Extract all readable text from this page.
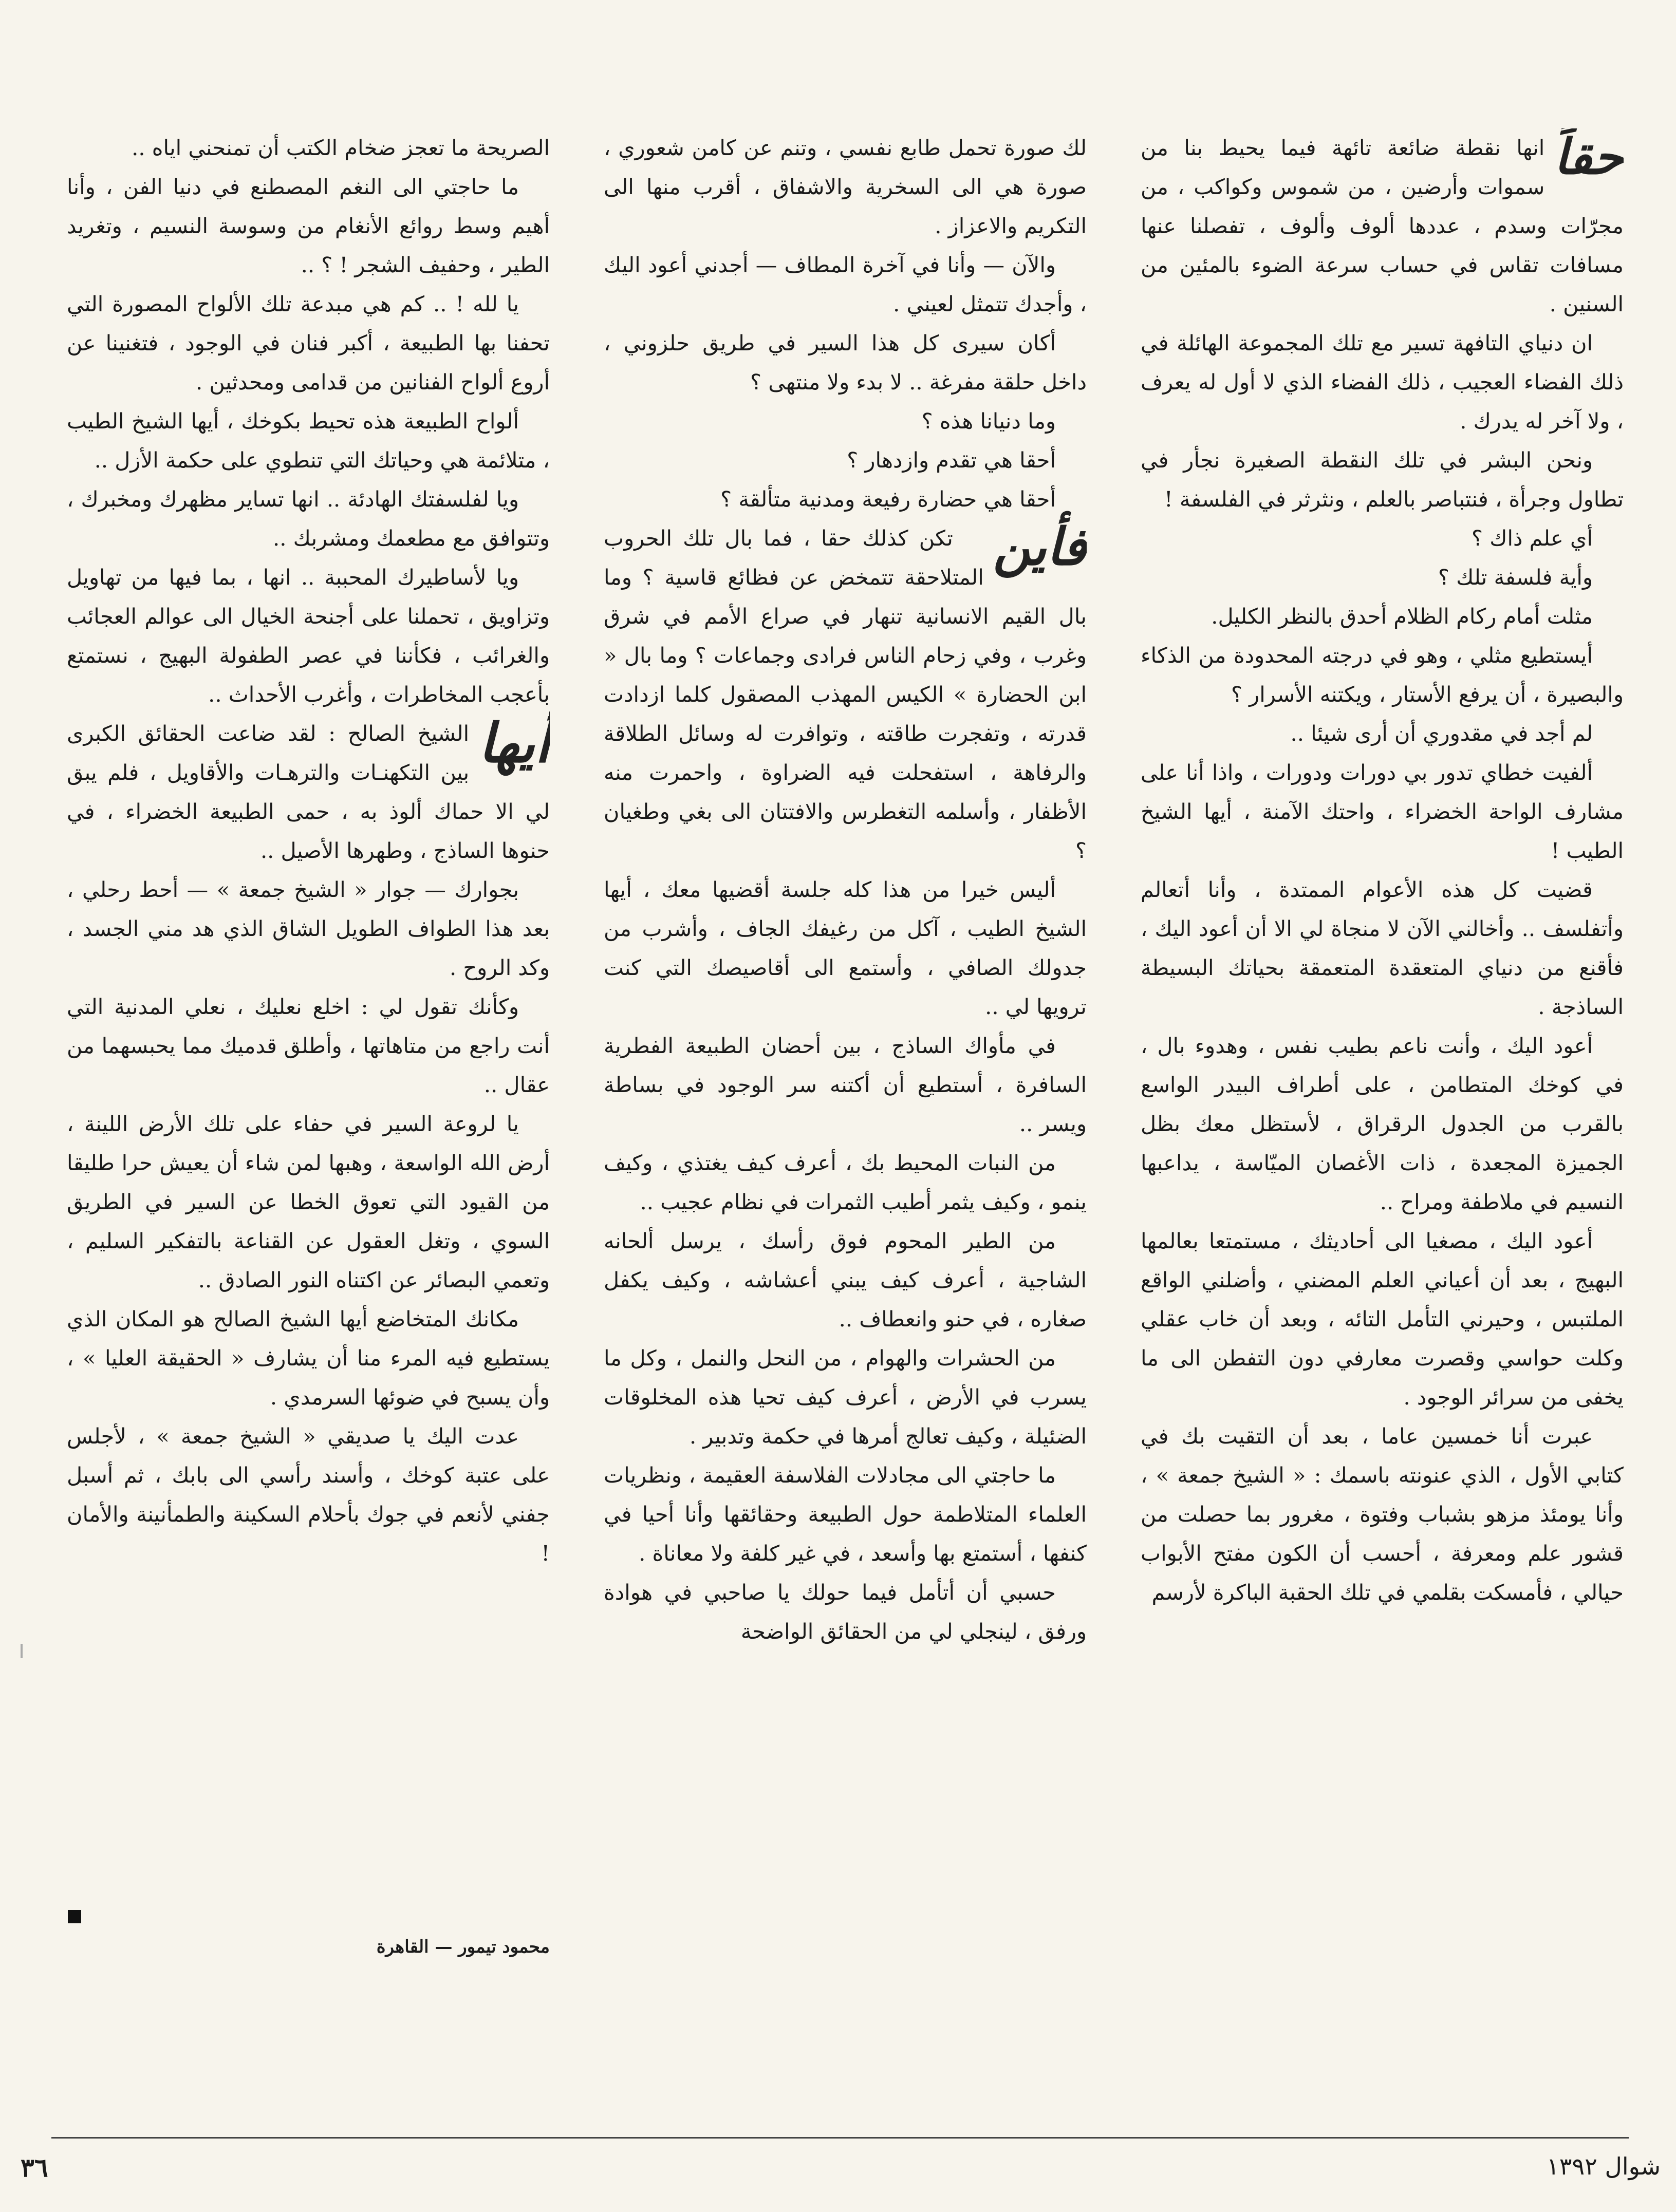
حقاً

انها نقطة ضائعة تائهة فيما يحيط بنا من سموات وأرضين ، من شموس وكواكب ، من مجرّات وسدم ، عددها ألوف وألوف ، تفصلنا عنها مسافات تقاس في حساب سرعة الضوء بالمئين من السنين .

ان دنياي التافهة تسير مع تلك المجموعة الهائلة في ذلك الفضاء العجيب ، ذلك الفضاء الذي لا أول له يعرف ، ولا آخر له يدرك .

ونحن البشر في تلك النقطة الصغيرة نجأر في تطاول وجرأة ، فنتباصر بالعلم ، ونثرثر في الفلسفة !

أي علم ذاك ؟

وأية فلسفة تلك ؟

مثلت أمام ركام الظلام أحدق بالنظر الكليل.

أيستطيع مثلي ، وهو في درجته المحدودة من الذكاء والبصيرة ، أن يرفع الأستار ، ويكتنه الأسرار ؟

لم أجد في مقدوري أن أرى شيئا ..

ألفيت خطاي تدور بي دورات ودورات ، واذا أنا على مشارف الواحة الخضراء ، واحتك الآمنة ، أيها الشيخ الطيب !

قضيت كل هذه الأعوام الممتدة ، وأنا أتعالم وأتفلسف .. وأخالني الآن لا منجاة لي الا أن أعود اليك ، فأقنع من دنياي المتعقدة المتعمقة بحياتك البسيطة الساذجة .

أعود اليك ، وأنت ناعم بطيب نفس ، وهدوء بال ، في كوخك المتطامن ، على أطراف البيدر الواسع بالقرب من الجدول الرقراق ، لأستظل معك بظل الجميزة المجعدة ، ذات الأغصان الميّاسة ، يداعبها النسيم في ملاطفة ومراح ..

أعود اليك ، مصغيا الى أحاديثك ، مستمتعا بعالمها البهيج ، بعد أن أعياني العلم المضني ، وأضلني الواقع الملتبس ، وحيرني التأمل التائه ، وبعد أن خاب عقلي وكلت حواسي وقصرت معارفي دون التفطن الى ما يخفى من سرائر الوجود .

عبرت أنا خمسين عاما ، بعد أن التقيت بك في كتابي الأول ، الذي عنونته باسمك : « الشيخ جمعة » ، وأنا يومئذ مزهو بشباب وفتوة ، مغرور بما حصلت من قشور علم ومعرفة ، أحسب أن الكون مفتح الأبواب حيالي ، فأمسكت بقلمي في تلك الحقبة الباكرة لأرسم

لك صورة تحمل طابع نفسي ، وتنم عن كامن شعوري ، صورة هي الى السخرية والاشفاق ، أقرب منها الى التكريم والاعزاز .

والآن — وأنا في آخرة المطاف — أجدني أعود اليك ، وأجدك تتمثل لعيني .

أكان سيرى كل هذا السير في طريق حلزوني ، داخل حلقة مفرغة .. لا بدء ولا منتهى ؟

وما دنيانا هذه ؟

أحقا هي تقدم وازدهار ؟

أحقا هي حضارة رفيعة ومدنية متألقة ؟

فأين

تكن كذلك حقا ، فما بال تلك الحروب المتلاحقة تتمخض عن فظائع قاسية ؟ وما بال القيم الانسانية تنهار في صراع الأمم في شرق وغرب ، وفي زحام الناس فرادى وجماعات ؟ وما بال « ابن الحضارة » الكيس المهذب المصقول كلما ازدادت قدرته ، وتفجرت طاقته ، وتوافرت له وسائل الطلاقة والرفاهة ، استفحلت فيه الضراوة ، واحمرت منه الأظفار ، وأسلمه التغطرس والافتتان الى بغي وطغيان ؟

أليس خيرا من هذا كله جلسة أقضيها معك ، أيها الشيخ الطيب ، آكل من رغيفك الجاف ، وأشرب من جدولك الصافي ، وأستمع الى أقاصيصك التي كنت ترويها لي ..

في مأواك الساذج ، بين أحضان الطبيعة الفطرية السافرة ، أستطيع أن أكتنه سر الوجود في بساطة ويسر ..

من النبات المحيط بك ، أعرف كيف يغتذي ، وكيف ينمو ، وكيف يثمر أطيب الثمرات في نظام عجيب ..

من الطير المحوم فوق رأسك ، يرسل ألحانه الشاجية ، أعرف كيف يبني أعشاشه ، وكيف يكفل صغاره ، في حنو وانعطاف ..

من الحشرات والهوام ، من النحل والنمل ، وكل ما يسرب في الأرض ، أعرف كيف تحيا هذه المخلوقات الضئيلة ، وكيف تعالج أمرها في حكمة وتدبير .

ما حاجتي الى مجادلات الفلاسفة العقيمة ، ونظريات العلماء المتلاطمة حول الطبيعة وحقائقها وأنا أحيا في كنفها ، أستمتع بها وأسعد ، في غير كلفة ولا معاناة .

حسبي أن أتأمل فيما حولك يا صاحبي في هوادة ورفق ، لينجلي لي من الحقائق الواضحة

الصريحة ما تعجز ضخام الكتب أن تمنحني اياه ..

ما حاجتي الى النغم المصطنع في دنيا الفن ، وأنا أهيم وسط روائع الأنغام من وسوسة النسيم ، وتغريد الطير ، وحفيف الشجر ! ؟ ..

يا لله ! .. كم هي مبدعة تلك الألواح المصورة التي تحفنا بها الطبيعة ، أكبر فنان في الوجود ، فتغنينا عن أروع ألواح الفنانين من قدامى ومحدثين .

ألواح الطبيعة هذه تحيط بكوخك ، أيها الشيخ الطيب ، متلائمة هي وحياتك التي تنطوي على حكمة الأزل ..

ويا لفلسفتك الهادئة .. انها تساير مظهرك ومخبرك ، وتتوافق مع مطعمك ومشربك ..

ويا لأساطيرك المحببة .. انها ، بما فيها من تهاويل وتزاويق ، تحملنا على أجنحة الخيال الى عوالم العجائب والغرائب ، فكأننا في عصر الطفولة البهيج ، نستمتع بأعجب المخاطرات ، وأغرب الأحداث ..

أيها

الشيخ الصالح : لقد ضاعت الحقائق الكبرى بين التكهنـات والترهـات والأقاويل ، فلم يبق لي الا حماك ألوذ به ، حمى الطبيعة الخضراء ، في حنوها الساذج ، وطهرها الأصيل ..

بجوارك — جوار « الشيخ جمعة » — أحط رحلي ، بعد هذا الطواف الطويل الشاق الذي هد مني الجسد ، وكد الروح .

وكأنك تقول لي : اخلع نعليك ، نعلي المدنية التي أنت راجع من متاهاتها ، وأطلق قدميك مما يحبسهما من عقال ..

يا لروعة السير في حفاء على تلك الأرض اللينة ، أرض الله الواسعة ، وهبها لمن شاء أن يعيش حرا طليقا من القيود التي تعوق الخطا عن السير في الطريق السوي ، وتغل العقول عن القناعة بالتفكير السليم ، وتعمي البصائر عن اكتناه النور الصادق ..

مكانك المتخاضع أيها الشيخ الصالح هو المكان الذي يستطيع فيه المرء منا أن يشارف « الحقيقة العليا » ، وأن يسبح في ضوئها السرمدي .

عدت اليك يا صديقي « الشيخ جمعة » ، لأجلس على عتبة كوخك ، وأسند رأسي الى بابك ، ثم أسبل جفني لأنعم في جوك بأحلام السكينة والطمأنينة والأمان !

محمود تيمور — القاهرة
٣٦	شوال ١٣٩٢
